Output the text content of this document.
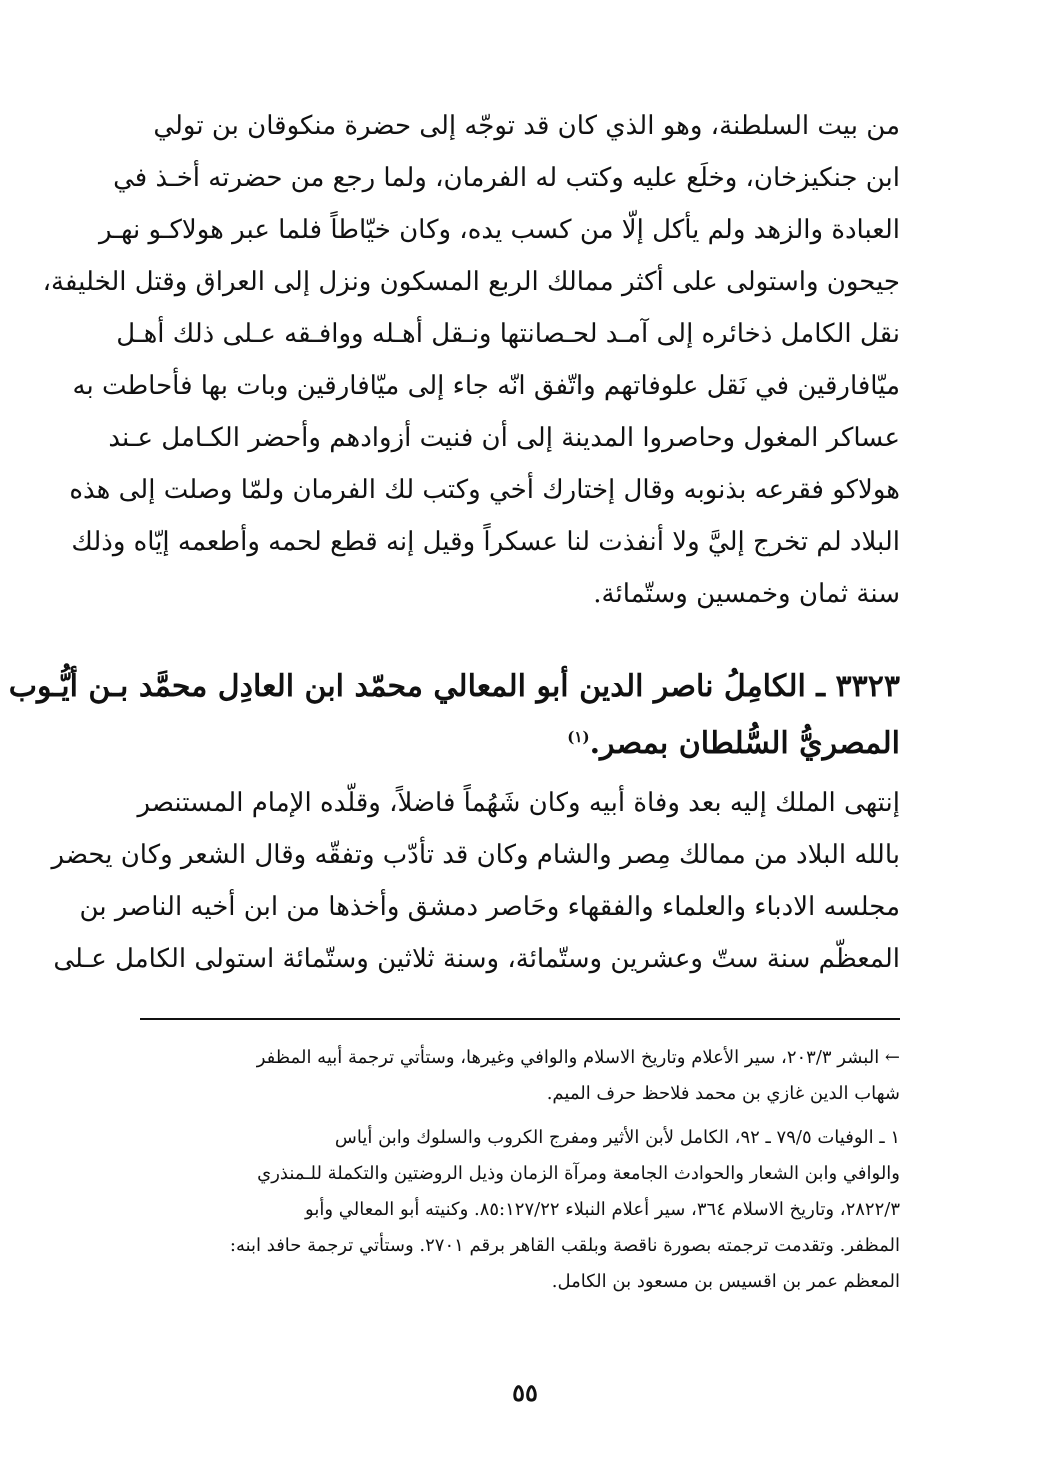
من بيت السلطنة، وهو الذي كان قد توجّه إلى حضرة منكوقان بن تولي
ابن جنكيزخان، وخلَع عليه وكتب له الفرمان، ولما رجع من حضرته أخـذ في
العبادة والزهد ولم يأكل إلّا من كسب يده، وكان خيّاطاً فلما عبر هولاكـو نهـر
جيحون واستولى على أكثر ممالك الربع المسكون ونزل إلى العراق وقتل الخليفة،
نقل الكامل ذخائره إلى آمـد لحـصانتها ونـقل أهـله ووافـقه عـلى ذلك أهـل
ميّافارقين في نَقل علوفاتهم واتّفق انّه جاء إلى ميّافارقين وبات بها فأحاطت به
عساكر المغول وحاصروا المدينة إلى أن فنيت أزوادهم وأحضر الكـامل عـند
هولاكو فقرعه بذنوبه وقال إختارك أخي وكتب لك الفرمان ولمّا وصلت إلى هذه
البلاد لم تخرج إليَّ ولا أنفذت لنا عسكراً وقيل إنه قطع لحمه وأطعمه إيّاه وذلك
سنة ثمان وخمسين وستّمائة.
٣٣٢٣ ـ الكامِلُ ناصر الدين أبو المعالي محمّد ابن العادِل محمَّد بـن أيُّـوب
المصريُّ السُّلطان بمصر.$^{(١)}$
إنتهى الملك إليه بعد وفاة أبيه وكان شَهُماً فاضلاً، وقلّده الإمام المستنصر
بالله البلاد من ممالك مِصر والشام وكان قد تأدّب وتفقّه وقال الشعر وكان يحضر
مجلسه الادباء والعلماء والفقهاء وحَاصر دمشق وأخذها من ابن أخيه الناصر بن
المعظّم سنة ستّ وعشرين وستّمائة، وسنة ثلاثين وستّمائة استولى الكامل عـلى
← البشر ٢٠٣/٣، سير الأعلام وتاريخ الاسلام والوافي وغيرها، وستأتي ترجمة أبيه المظفر
شهاب الدين غازي بن محمد فلاحظ حرف الميم.
١ ـ الوفيات ٧٩/٥ ـ ٩٢، الكامل لأبن الأثير ومفرج الكروب والسلوك وابن أياس
والوافي وابن الشعار والحوادث الجامعة ومرآة الزمان وذيل الروضتين والتكملة للـمنذري
٢٨٢٢/٣، وتاريخ الاسلام ٣٦٤، سير أعلام النبلاء ٨٥:١٢٧/٢٢. وكنيته أبو المعالي وأبو
المظفر. وتقدمت ترجمته بصورة ناقصة وبلقب القاهر برقم ٢٧٠١. وستأتي ترجمة حافد ابنه:
المعظم عمر بن اقسيس بن مسعود بن الكامل.
٥٥
